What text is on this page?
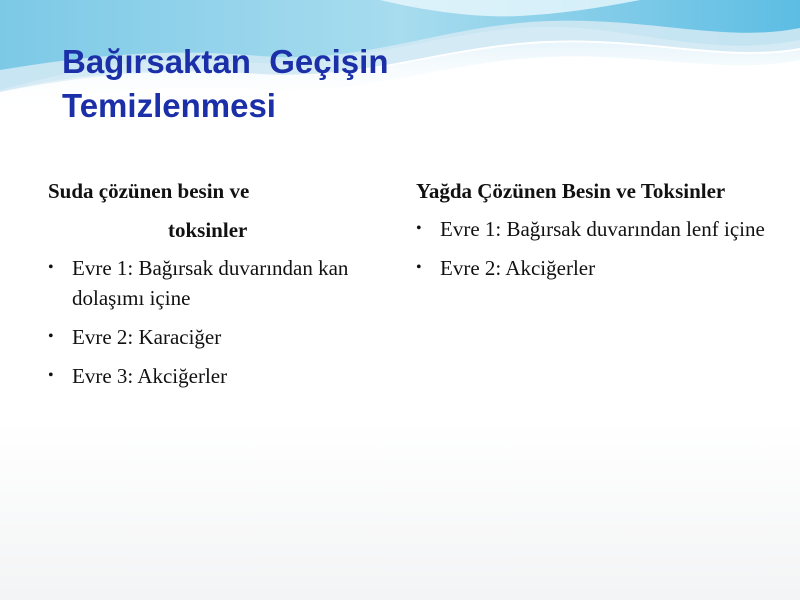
Bağırsaktan  Geçişin
Temizlenmesi
Suda çözünen besin ve
toksinler
• Evre 1: Bağırsak duvarından kan dolaşımı içine
• Evre 2: Karaciğer
• Evre 3: Akciğerler
Yağda Çözünen Besin ve Toksinler
• Evre 1: Bağırsak duvarından lenf içine
• Evre 2: Akciğerler
